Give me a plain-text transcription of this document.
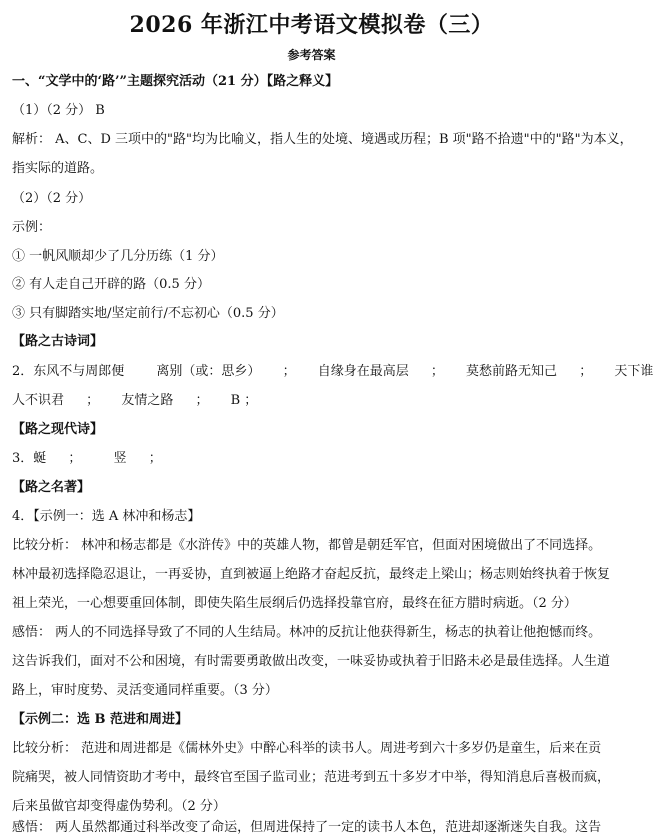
2026 年浙江中考语文模拟卷（三）
参考答案
一、“文学中的‘路’”主题探究活动（21 分）【路之释义】
（1）（2 分） B
解析： A、C、D 三项中的"路"均为比喻义，指人生的处境、境遇或历程；B 项"路不拾遗"中的"路"为本义，
指实际的道路。
（2）（2 分）
示例：
① 一帆风顺却少了几分历练（1 分）
② 有人走自己开辟的路（0.5 分）
③ 只有脚踏实地/坚定前行/不忘初心（0.5 分）
【路之古诗词】
2．东风不与周郎便 离别（或：思乡） ； 自缘身在最高层 ； 莫愁前路无知己 ； 天下谁
人不识君 ； 友情之路 ； B ；
【路之现代诗】
3．蜒 ； 竖 ；
【路之名著】
4．【示例一：选 A 林冲和杨志】
比较分析： 林冲和杨志都是《水浒传》中的英雄人物，都曾是朝廷军官，但面对困境做出了不同选择。
林冲最初选择隐忍退让，一再妥协，直到被逼上绝路才奋起反抗，最终走上梁山；杨志则始终执着于恢复
祖上荣光，一心想要重回体制，即使失陷生辰纲后仍选择投靠官府，最终在征方腊时病逝。（2 分）
感悟： 两人的不同选择导致了不同的人生结局。林冲的反抗让他获得新生，杨志的执着让他抱憾而终。
这告诉我们，面对不公和困境，有时需要勇敢做出改变，一味妥协或执着于旧路未必是最佳选择。人生道
路上，审时度势、灵活变通同样重要。（3 分）
【示例二：选 B 范进和周进】
比较分析： 范进和周进都是《儒林外史》中醉心科举的读书人。周进考到六十多岁仍是童生，后来在贡
院痛哭，被人同情资助才考中，最终官至国子监司业；范进考到五十多岁才中举，得知消息后喜极而疯，
后来虽做官却变得虚伪势利。（2 分）
感悟： 两人虽然都通过科举改变了命运，但周进保持了一定的读书人本色，范进却逐渐迷失自我。这告
